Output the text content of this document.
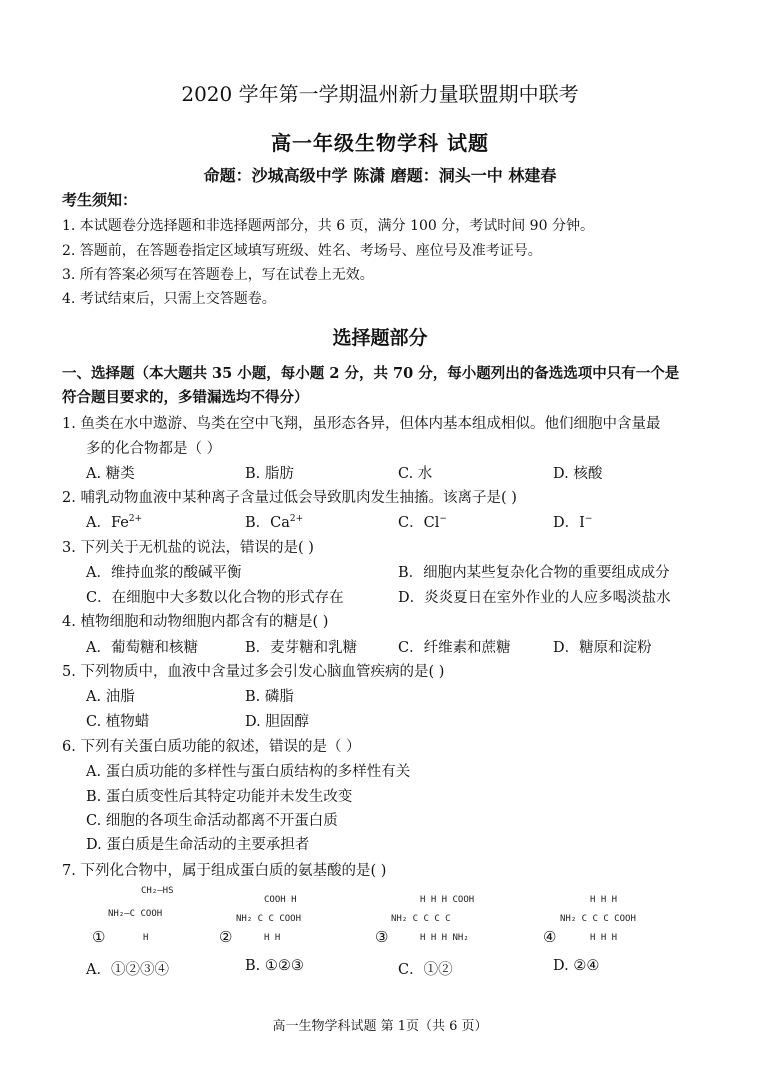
2020 学年第一学期温州新力量联盟期中联考
高一年级生物学科 试题
命题：沙城高级中学 陈潇 磨题：洞头一中 林建春
考生须知：
1. 本试题卷分选择题和非选择题两部分，共 6 页，满分 100 分，考试时间 90 分钟。
2. 答题前，在答题卷指定区域填写班级、姓名、考场号、座位号及准考证号。
3. 所有答案必须写在答题卷上，写在试卷上无效。
4. 考试结束后，只需上交答题卷。
选择题部分
一、选择题（本大题共 35 小题，每小题 2 分，共 70 分，每小题列出的备选选项中只有一个是
符合题目要求的，多错漏选均不得分）
1. 鱼类在水中遨游、鸟类在空中飞翔，虽形态各异，但体内基本组成相似。他们细胞中含量最
多的化合物都是（ ）
A. 糖类	B. 脂肪	C. 水	D. 核酸
2. 哺乳动物血液中某种离子含量过低会导致肌肉发生抽搐。该离子是( )
A．$Fe^{2+}$	B．$Ca^{2+}$	C．Cl−	D．I−
3. 下列关于无机盐的说法，错误的是( )
A．维持血浆的酸碱平衡	B．细胞内某些复杂化合物的重要组成成分
C．在细胞中大多数以化合物的形式存在	D．炎炎夏日在室外作业的人应多喝淡盐水
4. 植物细胞和动物细胞内都含有的糖是( )
A．葡萄糖和核糖	B．麦芽糖和乳糖	C．纤维素和蔗糖	D．糖原和淀粉
5. 下列物质中，血液中含量过多会引发心脑血管疾病的是( )
A. 油脂	B. 磷脂
C. 植物蜡	D. 胆固醇
6. 下列有关蛋白质功能的叙述，错误的是（ ）
A. 蛋白质功能的多样性与蛋白质结构的多样性有关
B. 蛋白质变性后其特定功能并未发生改变
C. 细胞的各项生命活动都离不开蛋白质
D. 蛋白质是生命活动的主要承担者
7. 下列化合物中，属于组成蛋白质的氨基酸的是( )
CH₂—HS
NH₂—C COOH
H
①
COOH H
NH₂ C C COOH
H H
②
H H H COOH
NH₂ C C C C
H H H NH₂
③
H H H
NH₂ C C C COOH
H H H
④
A．①②③④	B. ①②③	C．①②	D. ②④
高一生物学科试题 第 1页（共 6 页）
